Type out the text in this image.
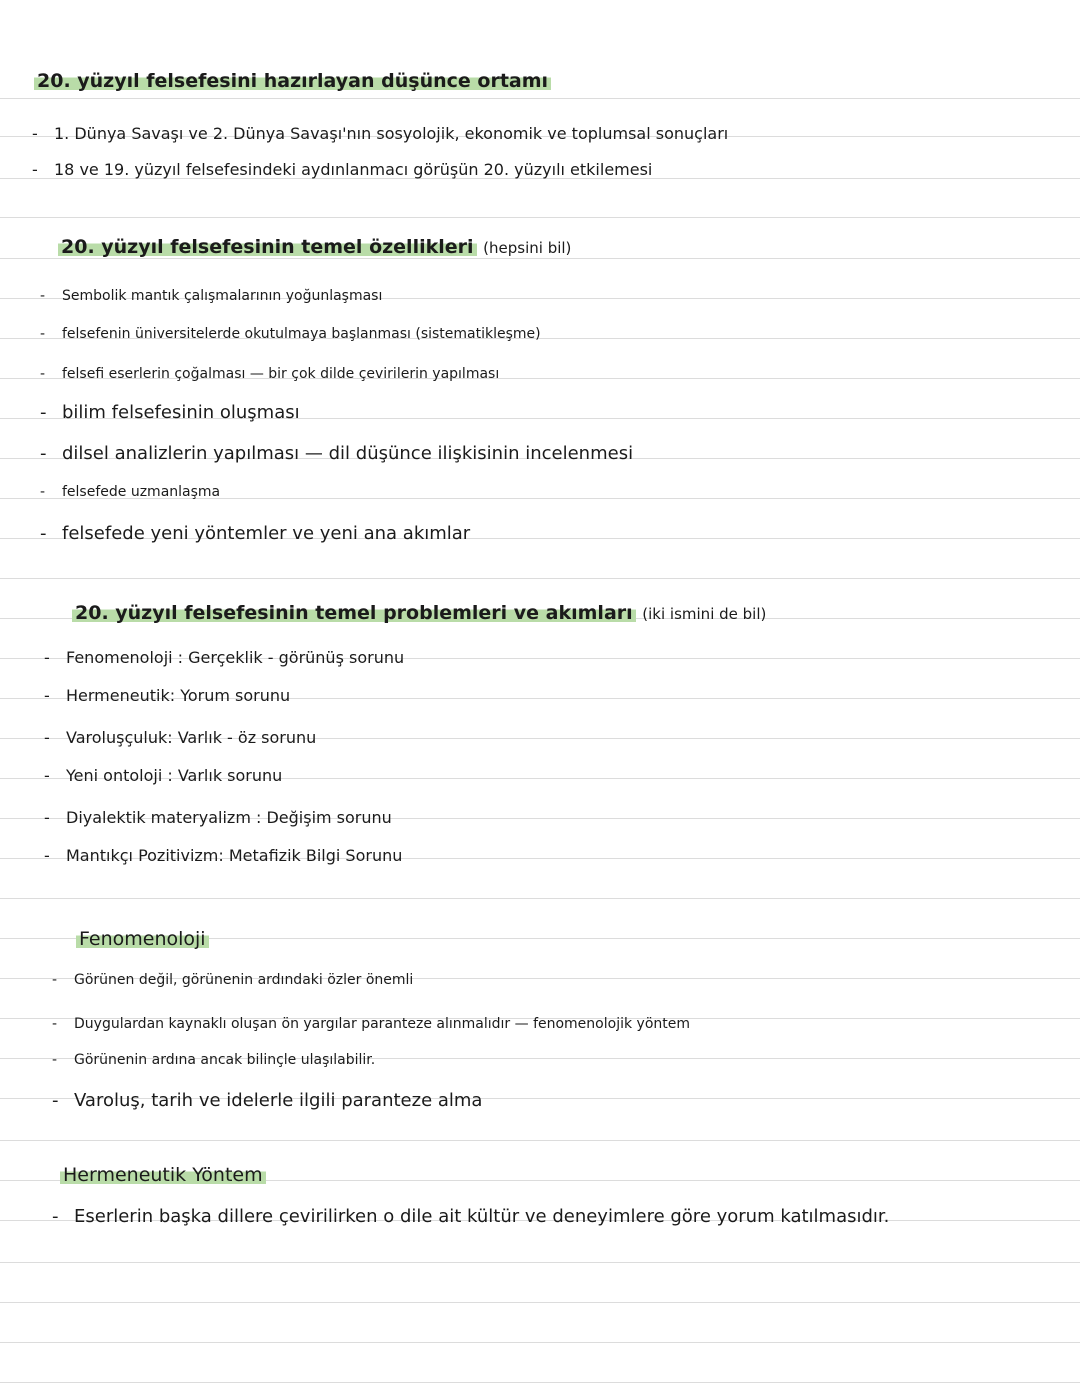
20. yüzyıl felsefesini hazırlayan düşünce ortamı
- 1. Dünya Savaşı ve 2. Dünya Savaşı'nın sosyolojik, ekonomik ve toplumsal sonuçları
- 18 ve 19. yüzyıl felsefesindeki aydınlanmacı görüşün 20. yüzyılı etkilemesi
20. yüzyıl felsefesinin temel özellikleri (hepsini bil)
- Sembolik mantık çalışmalarının yoğunlaşması
- felsefenin üniversitelerde okutulmaya başlanması (sistematikleşme)
- felsefi eserlerin çoğalması — bir çok dilde çevirilerin yapılması
- bilim felsefesinin oluşması
- dilsel analizlerin yapılması — dil düşünce ilişkisinin incelenmesi
- felsefede uzmanlaşma
- felsefede yeni yöntemler ve yeni ana akımlar
20. yüzyıl felsefesinin temel problemleri ve akımları (iki ismini de bil)
- Fenomenoloji : Gerçeklik - görünüş sorunu
- Hermeneutik: Yorum sorunu
- Varoluşçuluk: Varlık - öz sorunu
- Yeni ontoloji : Varlık sorunu
- Diyalektik materyalizm : Değişim sorunu
- Mantıkçı Pozitivizm: Metafizik Bilgi Sorunu
Fenomenoloji
- Görünen değil, görünenin ardındaki özler önemli
- Duygulardan kaynaklı oluşan ön yargılar paranteze alınmalıdır — fenomenolojik yöntem
- Görünenin ardına ancak bilinçle ulaşılabilir.
- Varoluş, tarih ve idelerle ilgili paranteze alma
Hermeneutik Yöntem
- Eserlerin başka dillere çevirilirken o dile ait kültür ve deneyimlere göre yorum katılmasıdır.
